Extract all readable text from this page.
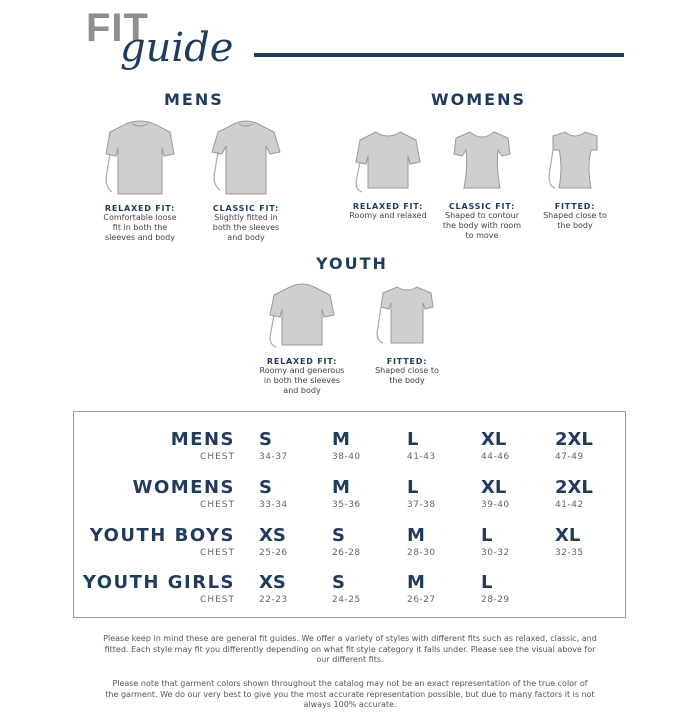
FIT
guide
MENS	WOMENS
YOUTH
RELAXED FIT:
Comfortable loose
fit in both the
sleeves and body
CLASSIC FIT:
Slightly fitted in
both the sleeves
and body
RELAXED FIT:
Roomy and relaxed
CLASSIC FIT:
Shaped to contour
the body with room
to move
FITTED:
Shaped close to
the body
RELAXED FIT:
Roomy and generous
in both the sleeves
and body
FITTED:
Shaped close to
the body
MENS
CHEST
S
34-37
M
38-40
L
41-43
XL
44-46
2XL
47-49
WOMENS
CHEST
S
33-34
M
35-36
L
37-38
XL
39-40
2XL
41-42
YOUTH BOYS
CHEST
XS
25-26
S
26-28
M
28-30
L
30-32
XL
32-35
YOUTH GIRLS
CHEST
XS
22-23
S
24-25
M
26-27
L
28-29
Please keep in mind these are general fit guides. We offer a variety of styles with different fits such as relaxed, classic, and
fitted. Each style may fit you differently depending on what fit style category it falls under. Please see the visual above for
our different fits.
Please note that garment colors shown throughout the catalog may not be an exact representation of the true color of
the garment. We do our very best to give you the most accurate representation possible, but due to many factors it is not
always 100% accurate.
